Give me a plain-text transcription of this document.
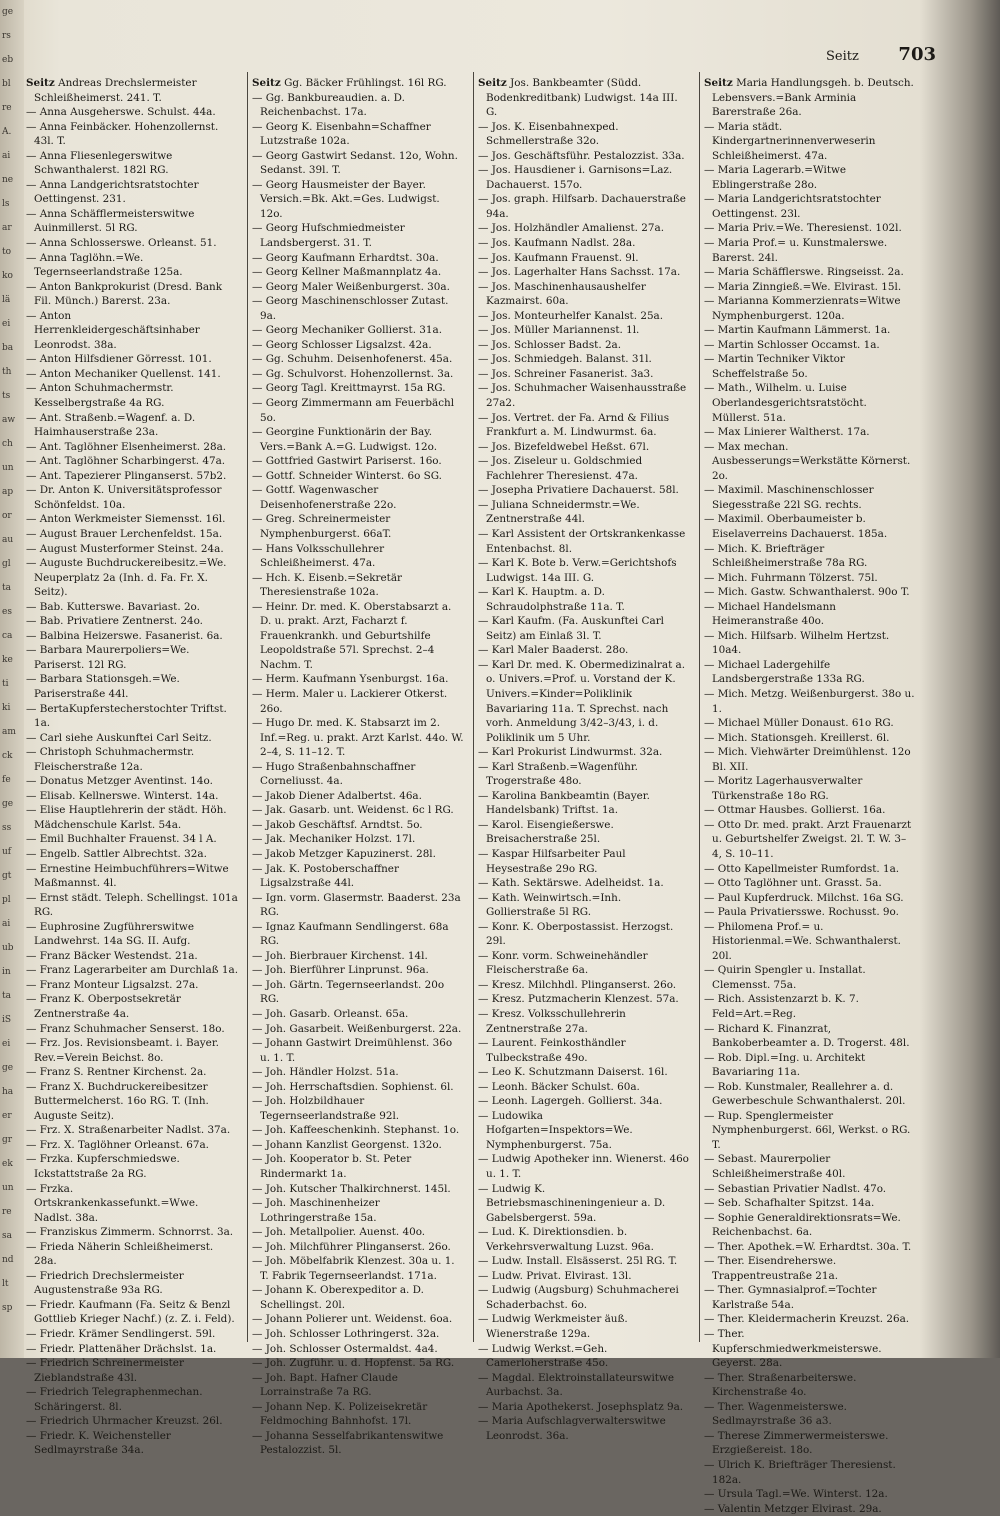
ge
rs
eb
bl
re
A.
ai
ne
ls
ar
to
ko
lä
ei
ba
th
ts
aw
ch
un
ap
or
au
gl
ta
es
ca
ke
ti
ki
am
ck
fe
ge
ss
uf
gt
pl
ai
ub
in
ta
iS
ei
ge
ha
er
gr
ek
un
re
sa
nd
lt
sp
Seitz 703
Seitz Andreas Drechslermeister Schleißheimerst. 241. T.
— Anna Ausgeherswe. Schulst. 44a.
— Anna Feinbäcker. Hohenzollernst. 43l. T.
— Anna Fliesenlegerswitwe Schwanthalerst. 182l RG.
— Anna Landgerichtsratstochter Oettingenst. 231.
— Anna Schäfflermeisterswitwe Auinmillerst. 5l RG.
— Anna Schlosserswe. Orleanst. 51.
— Anna Taglöhn.=We. Tegernseerlandstraße 125a.
— Anton Bankprokurist (Dresd. Bank Fil. Münch.) Barerst. 23a.
— Anton Herrenkleidergeschäftsinhaber Leonrodst. 38a.
— Anton Hilfsdiener Görresst. 101.
— Anton Mechaniker Quellenst. 141.
— Anton Schuhmachermstr. Kesselbergstraße 4a RG.
— Ant. Straßenb.=Wagenf. a. D. Haimhauserstraße 23a.
— Ant. Taglöhner Elsenheimerst. 28a.
— Ant. Taglöhner Scharbingerst. 47a.
— Ant. Tapezierer Plinganserst. 57b2.
— Dr. Anton K. Universitätsprofessor Schönfeldst. 10a.
— Anton Werkmeister Siemensst. 16l.
— August Brauer Lerchenfeldst. 15a.
— August Musterformer Steinst. 24a.
— Auguste Buchdruckereibesitz.=We. Neuperplatz 2a (Inh. d. Fa. Fr. X. Seitz).
— Bab. Kutterswe. Bavariast. 2o.
— Bab. Privatiere Zentnerst. 24o.
— Balbina Heizerswe. Fasanerist. 6a.
— Barbara Maurerpoliers=We. Pariserst. 12l RG.
— Barbara Stationsgeh.=We. Pariserstraße 44l.
— BertaKupferstecherstochter Triftst. 1a.
— Carl siehe Auskunftei Carl Seitz.
— Christoph Schuhmachermstr. Fleischerstraße 12a.
— Donatus Metzger Aventinst. 14o.
— Elisab. Kellnerswe. Winterst. 14a.
— Elise Hauptlehrerin der städt. Höh. Mädchenschule Karlst. 54a.
— Emil Buchhalter Frauenst. 34 l A.
— Engelb. Sattler Albrechtst. 32a.
— Ernestine Heimbuchführers=Witwe Maßmannst. 4l.
— Ernst städt. Teleph. Schellingst. 101a RG.
— Euphrosine Zugführerswitwe Landwehrst. 14a SG. II. Aufg.
— Franz Bäcker Westendst. 21a.
— Franz Lagerarbeiter am Durchlaß 1a.
— Franz Monteur Ligsalzst. 27a.
— Franz K. Oberpostsekretär Zentnerstraße 4a.
— Franz Schuhmacher Senserst. 18o.
— Frz. Jos. Revisionsbeamt. i. Bayer. Rev.=Verein Beichst. 8o.
— Franz S. Rentner Kirchenst. 2a.
— Franz X. Buchdruckereibesitzer Buttermelcherst. 16o RG. T. (Inh. Auguste Seitz).
— Frz. X. Straßenarbeiter Nadlst. 37a.
— Frz. X. Taglöhner Orleanst. 67a.
— Frzka. Kupferschmiedswe. Ickstattstraße 2a RG.
— Frzka. Ortskrankenkassefunkt.=Wwe. Nadlst. 38a.
— Franziskus Zimmerm. Schnorrst. 3a.
— Frieda Näherin Schleißheimerst. 28a.
— Friedrich Drechslermeister Augustenstraße 93a RG.
— Friedr. Kaufmann (Fa. Seitz & Benzl Gottlieb Krieger Nachf.) (z. Z. i. Feld).
— Friedr. Krämer Sendlingerst. 59l.
— Friedr. Plattenäher Drächslst. 1a.
— Friedrich Schreinermeister Zieblandstraße 43l.
— Friedrich Telegraphenmechan. Schäringerst. 8l.
— Friedrich Uhrmacher Kreuzst. 26l.
— Friedr. K. Weichensteller Sedlmayrstraße 34a.
Seitz Gg. Bäcker Frühlingst. 16l RG.
— Gg. Bankbureaudien. a. D. Reichenbachst. 17a.
— Georg K. Eisenbahn=Schaffner Lutzstraße 102a.
— Georg Gastwirt Sedanst. 12o, Wohn. Sedanst. 39l. T.
— Georg Hausmeister der Bayer. Versich.=Bk. Akt.=Ges. Ludwigst. 12o.
— Georg Hufschmiedmeister Landsbergerst. 31. T.
— Georg Kaufmann Erhardtst. 30a.
— Georg Kellner Maßmannplatz 4a.
— Georg Maler Weißenburgerst. 30a.
— Georg Maschinenschlosser Zutast. 9a.
— Georg Mechaniker Gollierst. 31a.
— Georg Schlosser Ligsalzst. 42a.
— Gg. Schuhm. Deisenhofenerst. 45a.
— Gg. Schulvorst. Hohenzollernst. 3a.
— Georg Tagl. Kreittmayrst. 15a RG.
— Georg Zimmermann am Feuerbächl 5o.
— Georgine Funktionärin der Bay. Vers.=Bank A.=G. Ludwigst. 12o.
— Gottfried Gastwirt Pariserst. 16o.
— Gottf. Schneider Winterst. 6o SG.
— Gottf. Wagenwascher Deisenhofenerstraße 22o.
— Greg. Schreinermeister Nymphenburgerst. 66aT.
— Hans Volksschullehrer Schleißheimerst. 47a.
— Hch. K. Eisenb.=Sekretär Theresienstraße 102a.
— Heinr. Dr. med. K. Oberstabsarzt a. D. u. prakt. Arzt, Facharzt f. Frauenkrankh. und Geburtshilfe Leopoldstraße 57l. Sprechst. 2–4 Nachm. T.
— Herm. Kaufmann Ysenburgst. 16a.
— Herm. Maler u. Lackierer Otkerst. 26o.
— Hugo Dr. med. K. Stabsarzt im 2. Inf.=Reg. u. prakt. Arzt Karlst. 44o. W. 2–4, S. 11–12. T.
— Hugo Straßenbahnschaffner Corneliusst. 4a.
— Jakob Diener Adalbertst. 46a.
— Jak. Gasarb. unt. Weidenst. 6c l RG.
— Jakob Geschäftsf. Arndtst. 5o.
— Jak. Mechaniker Holzst. 17l.
— Jakob Metzger Kapuzinerst. 28l.
— Jak. K. Postoberschaffner Ligsalzstraße 44l.
— Ign. vorm. Glasermstr. Baaderst. 23a RG.
— Ignaz Kaufmann Sendlingerst. 68a RG.
— Joh. Bierbrauer Kirchenst. 14l.
— Joh. Bierführer Linprunst. 96a.
— Joh. Gärtn. Tegernseerlandst. 20o RG.
— Joh. Gasarb. Orleanst. 65a.
— Joh. Gasarbeit. Weißenburgerst. 22a.
— Johann Gastwirt Dreimühlenst. 36o u. 1. T.
— Joh. Händler Holzst. 51a.
— Joh. Herrschaftsdien. Sophienst. 6l.
— Joh. Holzbildhauer Tegernseerlandstraße 92l.
— Joh. Kaffeeschenkinh. Stephanst. 1o.
— Johann Kanzlist Georgenst. 132o.
— Joh. Kooperator b. St. Peter Rindermarkt 1a.
— Joh. Kutscher Thalkirchnerst. 145l.
— Joh. Maschinenheizer Lothringerstraße 15a.
— Joh. Metallpolier. Auenst. 40o.
— Joh. Milchführer Plinganserst. 26o.
— Joh. Möbelfabrik Klenzest. 30a u. 1. T. Fabrik Tegernseerlandst. 171a.
— Johann K. Oberexpeditor a. D. Schellingst. 20l.
— Johann Polierer unt. Weidenst. 6oa.
— Joh. Schlosser Lothringerst. 32a.
— Joh. Schlosser Ostermaldst. 4a4.
— Joh. Zugführ. u. d. Hopfenst. 5a RG.
— Joh. Bapt. Hafner Claude Lorrainstraße 7a RG.
— Johann Nep. K. Polizeisekretär Feldmoching Bahnhofst. 17l.
— Johanna Sesselfabrikantenswitwe Pestalozzist. 5l.
Seitz Jos. Bankbeamter (Südd. Bodenkreditbank) Ludwigst. 14a III. G.
— Jos. K. Eisenbahnexped. Schmellerstraße 32o.
— Jos. Geschäftsführ. Pestalozzist. 33a.
— Jos. Hausdiener i. Garnisons=Laz. Dachauerst. 157o.
— Jos. graph. Hilfsarb. Dachauerstraße 94a.
— Jos. Holzhändler Amalienst. 27a.
— Jos. Kaufmann Nadlst. 28a.
— Jos. Kaufmann Frauenst. 9l.
— Jos. Lagerhalter Hans Sachsst. 17a.
— Jos. Maschinenhausaushelfer Kazmairst. 60a.
— Jos. Monteurhelfer Kanalst. 25a.
— Jos. Müller Mariannenst. 1l.
— Jos. Schlosser Badst. 2a.
— Jos. Schmiedgeh. Balanst. 31l.
— Jos. Schreiner Fasanerist. 3a3.
— Jos. Schuhmacher Waisenhausstraße 27a2.
— Jos. Vertret. der Fa. Arnd & Filius Frankfurt a. M. Lindwurmst. 6a.
— Jos. Bizefeldwebel Heßst. 67l.
— Jos. Ziseleur u. Goldschmied Fachlehrer Theresienst. 47a.
— Josepha Privatiere Dachauerst. 58l.
— Juliana Schneidermstr.=We. Zentnerstraße 44l.
— Karl Assistent der Ortskrankenkasse Entenbachst. 8l.
— Karl K. Bote b. Verw.=Gerichtshofs Ludwigst. 14a III. G.
— Karl K. Hauptm. a. D. Schraudolphstraße 11a. T.
— Karl Kaufm. (Fa. Auskunftei Carl Seitz) am Einlaß 3l. T.
— Karl Maler Baaderst. 28o.
— Karl Dr. med. K. Obermedizinalrat a. o. Univers.=Prof. u. Vorstand der K. Univers.=Kinder=Poliklinik Bavariaring 11a. T. Sprechst. nach vorh. Anmeldung 3/42–3/43, i. d. Poliklinik um 5 Uhr.
— Karl Prokurist Lindwurmst. 32a.
— Karl Straßenb.=Wagenführ. Trogerstraße 48o.
— Karolina Bankbeamtin (Bayer. Handelsbank) Triftst. 1a.
— Karol. Eisengießerswe. Breisacherstraße 25l.
— Kaspar Hilfsarbeiter Paul Heysestraße 29o RG.
— Kath. Sektärswe. Adelheidst. 1a.
— Kath. Weinwirtsch.=Inh. Gollierstraße 5l RG.
— Konr. K. Oberpostassist. Herzogst. 29l.
— Konr. vorm. Schweinehändler Fleischerstraße 6a.
— Kresz. Milchhdl. Plinganserst. 26o.
— Kresz. Putzmacherin Klenzest. 57a.
— Kresz. Volksschullehrerin Zentnerstraße 27a.
— Laurent. Feinkosthändler Tulbeckstraße 49o.
— Leo K. Schutzmann Daiserst. 16l.
— Leonh. Bäcker Schulst. 60a.
— Leonh. Lagergeh. Gollierst. 34a.
— Ludowika Hofgarten=Inspektors=We. Nymphenburgerst. 75a.
— Ludwig Apotheker inn. Wienerst. 46o u. 1. T.
— Ludwig K. Betriebsmaschineningenieur a. D. Gabelsbergerst. 59a.
— Lud. K. Direktionsdien. b. Verkehrsverwaltung Luzst. 96a.
— Ludw. Install. Elsässerst. 25l RG. T.
— Ludw. Privat. Elvirast. 13l.
— Ludwig (Augsburg) Schuhmacherei Schaderbachst. 6o.
— Ludwig Werkmeister äuß. Wienerstraße 129a.
— Ludwig Werkst.=Geh. Camerloherstraße 45o.
— Magdal. Elektroinstallateurswitwe Aurbachst. 3a.
— Maria Apothekerst. Josephsplatz 9a.
— Maria Aufschlagverwalterswitwe Leonrodst. 36a.
Seitz Maria Handlungsgeh. b. Deutsch. Lebensvers.=Bank Arminia Barerstraße 26a.
— Maria städt. Kindergartnerinnenverweserin Schleißheimerst. 47a.
— Maria Lagerarb.=Witwe Eblingerstraße 28o.
— Maria Landgerichtsratstochter Oettingenst. 23l.
— Maria Priv.=We. Theresienst. 102l.
— Maria Prof.= u. Kunstmalerswe. Barerst. 24l.
— Maria Schäfflerswe. Ringseisst. 2a.
— Maria Zinngieß.=We. Elvirast. 15l.
— Marianna Kommerzienrats=Witwe Nymphenburgerst. 120a.
— Martin Kaufmann Lämmerst. 1a.
— Martin Schlosser Occamst. 1a.
— Martin Techniker Viktor Scheffelstraße 5o.
— Math., Wilhelm. u. Luise Oberlandesgerichtsratstöcht. Müllerst. 51a.
— Max Linierer Waltherst. 17a.
— Max mechan. Ausbesserungs=Werkstätte Körnerst. 2o.
— Maximil. Maschinenschlosser Siegesstraße 22l SG. rechts.
— Maximil. Oberbaumeister b. Eiselaverreins Dachauerst. 185a.
— Mich. K. Briefträger Schleißheimerstraße 78a RG.
— Mich. Fuhrmann Tölzerst. 75l.
— Mich. Gastw. Schwanthalerst. 90o T.
— Michael Handelsmann Heimeranstraße 40o.
— Mich. Hilfsarb. Wilhelm Hertzst. 10a4.
— Michael Ladergehilfe Landsbergerstraße 133a RG.
— Mich. Metzg. Weißenburgerst. 38o u. 1.
— Michael Müller Donaust. 61o RG.
— Mich. Stationsgeh. Kreillerst. 6l.
— Mich. Viehwärter Dreimühlenst. 12o Bl. XII.
— Moritz Lagerhausverwalter Türkenstraße 18o RG.
— Ottmar Hausbes. Gollierst. 16a.
— Otto Dr. med. prakt. Arzt Frauenarzt u. Geburtshelfer Zweigst. 2l. T. W. 3–4, S. 10–11.
— Otto Kapellmeister Rumfordst. 1a.
— Otto Taglöhner unt. Grasst. 5a.
— Paul Kupferdruck. Milchst. 16a SG.
— Paula Privatiersswe. Rochusst. 9o.
— Philomena Prof.= u. Historienmal.=We. Schwanthalerst. 20l.
— Quirin Spengler u. Installat. Clemensst. 75a.
— Rich. Assistenzarzt b. K. 7. Feld=Art.=Reg.
— Richard K. Finanzrat, Bankoberbeamter a. D. Trogerst. 48l.
— Rob. Dipl.=Ing. u. Architekt Bavariaring 11a.
— Rob. Kunstmaler, Reallehrer a. d. Gewerbeschule Schwanthalerst. 20l.
— Rup. Spenglermeister Nymphenburgerst. 66l, Werkst. o RG. T.
— Sebast. Maurerpolier Schleißheimerstraße 40l.
— Sebastian Privatier Nadlst. 47o.
— Seb. Schafhalter Spitzst. 14a.
— Sophie Generaldirektionsrats=We. Reichenbachst. 6a.
— Ther. Apothek.=W. Erhardtst. 30a. T.
— Ther. Eisendreherswe. Trappentreustraße 21a.
— Ther. Gymnasialprof.=Tochter Karlstraße 54a.
— Ther. Kleidermacherin Kreuzst. 26a.
— Ther. Kupferschmiedwerkmeisterswe. Geyerst. 28a.
— Ther. Straßenarbeiterswe. Kirchenstraße 4o.
— Ther. Wagenmeisterswe. Sedlmayrstraße 36 a3.
— Therese Zimmerwermeisterswe. Erzgießereist. 18o.
— Ulrich K. Briefträger Theresienst. 182a.
— Ursula Tagl.=We. Winterst. 12a.
— Valentin Metzger Elvirast. 29a.
